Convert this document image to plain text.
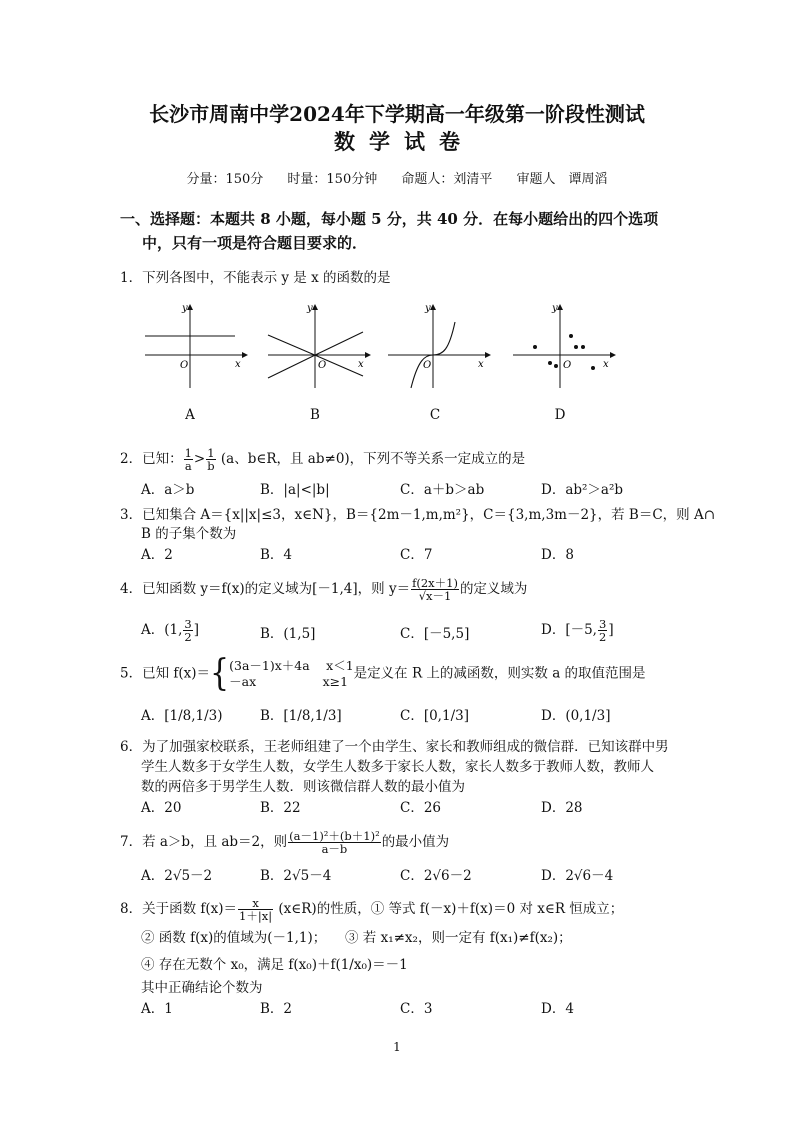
长沙市周南中学2024年下学期高一年级第一阶段性测试
数学试卷
分量：150分 时量：150分钟 命题人：刘清平 审题人　谭周滔
一、选择题：本题共 8 小题，每小题 5 分，共 40 分．在每小题给出的四个选项
中，只有一项是符合题目要求的．
1．下列各图中，不能表示 y 是 x 的函数的是
O	x
y
O	x
y
O	x
y
O	x
y
A	B	C	D
2．已知： $\frac{1}{a} > \frac{1}{b} (a$、b∈R，且 ab≠0)，下列不等关系一定成立的是
A．a＞b	B．|a|<|b|	C．a＋b＞ab	D．ab²＞a²b
3．已知集合 A＝{x||x|≤3，x∈N}，B＝{2m－1,m,m²}，C＝{3,m,3m－2}，若 B＝C，则 A∩
B 的子集个数为
A．2	B．4	C．7	D．8
4．已知函数 y＝f(x)的定义域为[－1,4]，则 $y= \frac{f(2x+1)}{√x-1}$ 的定义域为
A．(1, $\frac{3}{2}$ ]	B．(1,5]	C．[－5,5]	D．[－5, $\frac{3}{2}$ ]
5．已知 f(x)＝{ (3a－1)x＋4a　 x＜1
－ax　　　　　 x≥1 是定义在 R 上的减函数，则实数 a 的取值范围是
A．[1/8,1/3)	B．[1/8,1/3]	C．[0,1/3]	D．(0,1/3]
6．为了加强家校联系，王老师组建了一个由学生、家长和教师组成的微信群．已知该群中男
学生人数多于女学生人数，女学生人数多于家长人数，家长人数多于教师人数，教师人
数的两倍多于男学生人数．则该微信群人数的最小值为
A．20	B．22	C．26	D．28
7．若 a＞b，且 ab＝2，则 $\frac{\text{(a－1)²＋(b＋1)²}}{a-b}$ 的最小值为
A．2√5－2	B．2√5－4	C．2√6－2	D．2√6－4
8．关于函数 $f(x)= \frac{x}{1+|x|}$ (x∈R)的性质，① 等式 f(－x)＋f(x)＝0 对 x∈R 恒成立；
② 函数 f(x)的值域为(－1,1)； ③ 若 x₁≠x₂，则一定有 f(x₁)≠f(x₂)；
④ 存在无数个 x₀，满足 f(x₀)＋f(1/x₀)＝－1
其中正确结论个数为
A．1	B．2	C．3	D．4
1
